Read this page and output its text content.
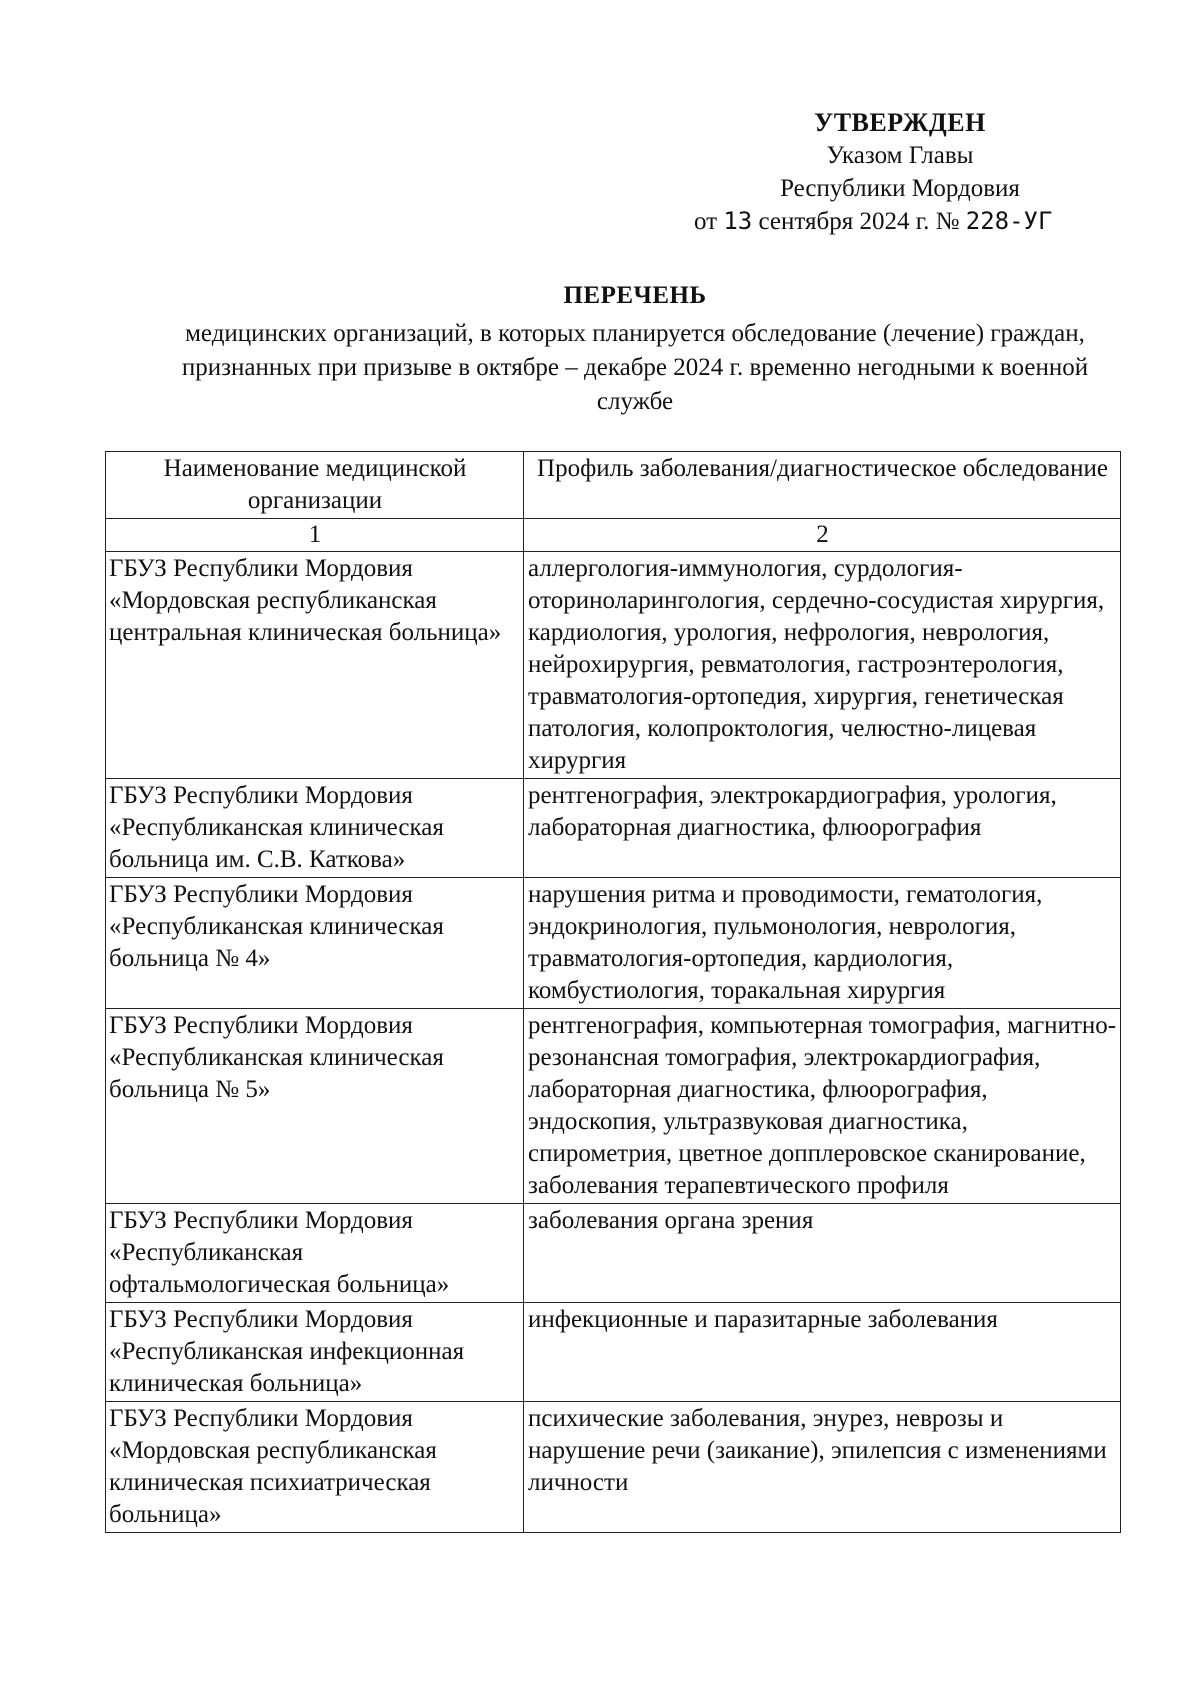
УТВЕРЖДЕН
Указом Главы
Республики Мордовия
от 13 сентября 2024 г. № 228-УГ
ПЕРЕЧЕНЬ
медицинских организаций, в которых планируется обследование (лечение) граждан, признанных при призыве в октябре – декабре 2024 г. временно негодными к военной службе
Наименование медицинской организации	Профиль заболевания/диагностическое обследование
1	2
ГБУЗ Республики Мордовия «Мордовская республиканская центральная клиническая больница»	аллергология-иммунология, сурдология-оториноларингология, сердечно-сосудистая хирургия, кардиология, урология, нефрология, неврология, нейрохирургия, ревматология, гастроэнтерология, травматология-ортопедия, хирургия, генетическая патология, колопроктология, челюстно-лицевая хирургия
ГБУЗ Республики Мордовия «Республиканская клиническая больница им. С.В. Каткова»	рентгенография, электрокардиография, урология, лабораторная диагностика, флюорография
ГБУЗ Республики Мордовия «Республиканская клиническая больница № 4»	нарушения ритма и проводимости, гематология, эндокринология, пульмонология, неврология, травматология-ортопедия, кардиология, комбустиология, торакальная хирургия
ГБУЗ Республики Мордовия «Республиканская клиническая больница № 5»	рентгенография, компьютерная томография, магнитно-резонансная томография, электрокардиография, лабораторная диагностика, флюорография, эндоскопия, ультразвуковая диагностика, спирометрия, цветное допплеровское сканирование, заболевания терапевтического профиля
ГБУЗ Республики Мордовия «Республиканская офтальмологическая больница»	заболевания органа зрения
ГБУЗ Республики Мордовия «Республиканская инфекционная клиническая больница»	инфекционные и паразитарные заболевания
ГБУЗ Республики Мордовия «Мордовская республиканская клиническая психиатрическая больница»	психические заболевания, энурез, неврозы и нарушение речи (заикание), эпилепсия с изменениями личности
